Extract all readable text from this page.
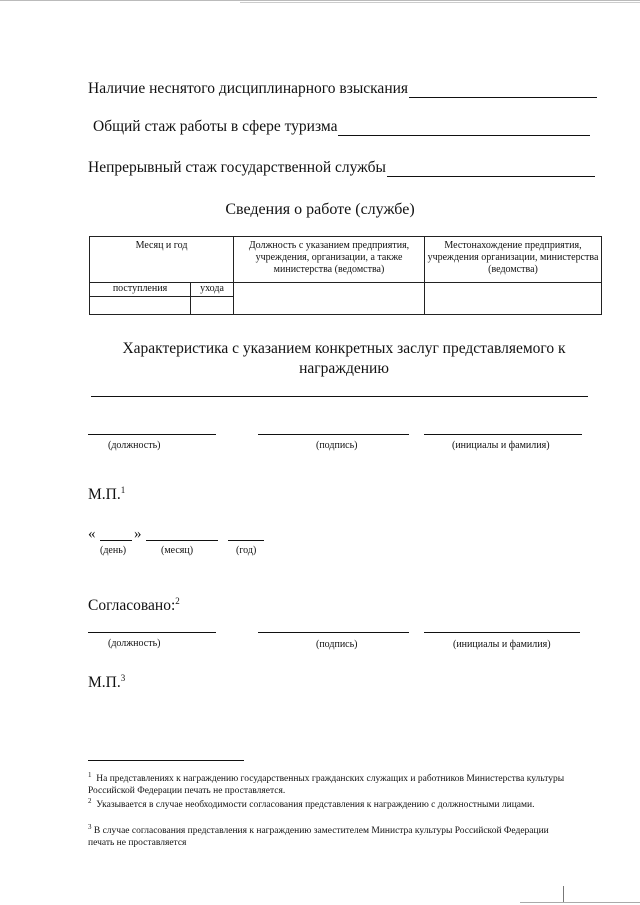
Наличие неснятого дисциплинарного взыскания
Общий стаж работы в сфере туризма
Непрерывный стаж государственной службы
Сведения о работе (службе)
Месяц и год		Должность с указанием предприятия, учреждения, организации, а также министерства (ведомства)	Местонахождение предприятия, учреждения организации, министерства (ведомства)

поступления	ухода		

Характеристика с указанием конкретных заслуг представляемого к награждению
(должность)	(подпись)	(инициалы и фамилия)
М.П.$^1$
«	»
(день)	(месяц)	(год)
Согласовано:$^2$
(должность)	(подпись)	(инициалы и фамилия)
М.П.$^3$
$^1$ На представлениях к награждению государственных гражданских служащих и работников Министерства культуры Российской Федерации печать не проставляется.
$^2$ Указывается в случае необходимости согласования представления к награждению с должностными лицами.
$^3$ В случае согласования представления к награждению заместителем Министра культуры Российской Федерации печать не проставляется
